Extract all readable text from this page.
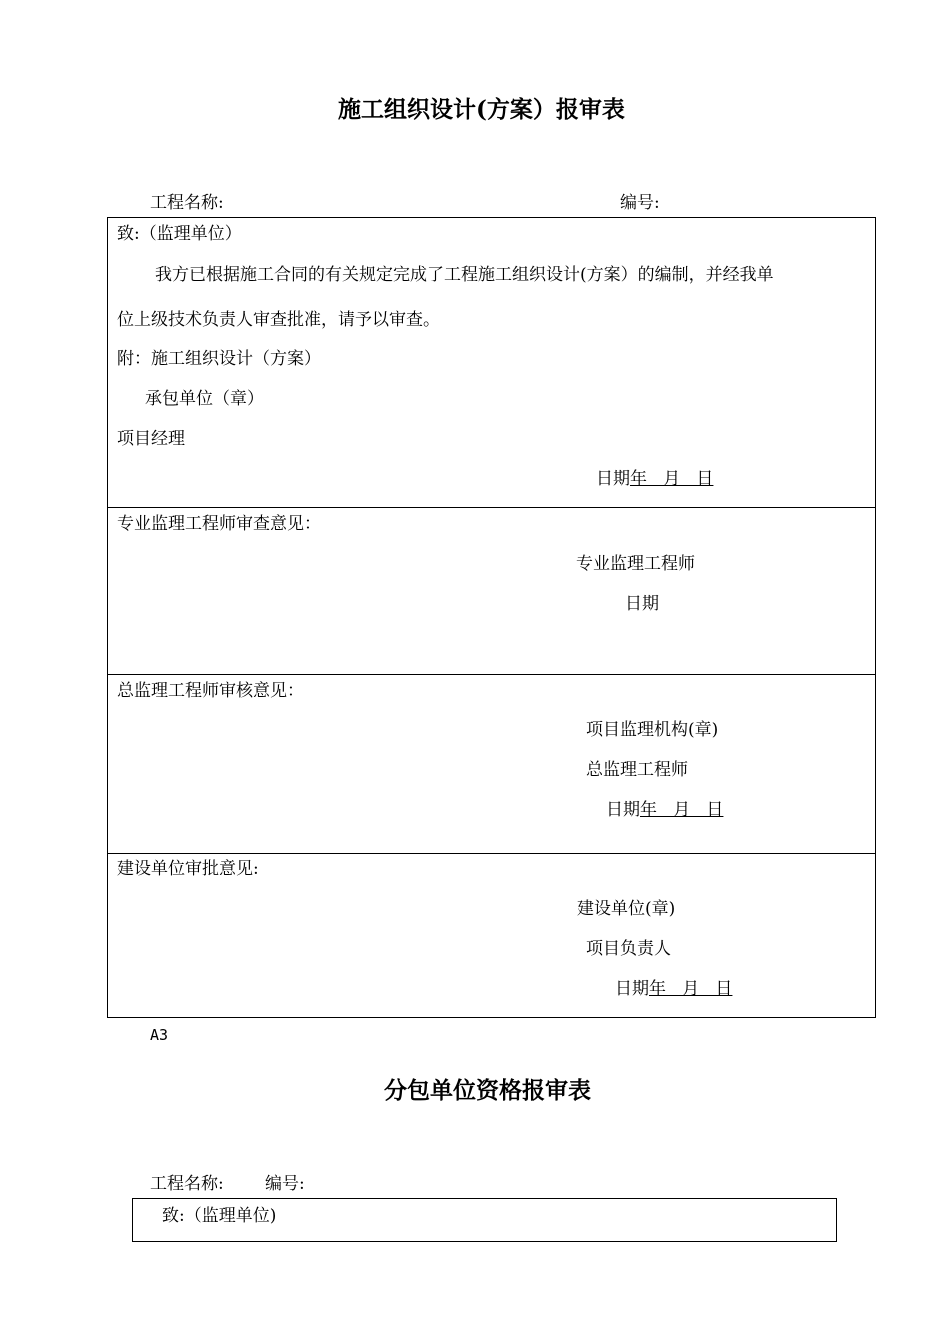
施工组织设计(方案）报审表
工程名称:	编号:
致:（监理单位）
我方已根据施工合同的有关规定完成了工程施工组织设计(方案）的编制，并经我单
位上级技术负责人审查批准，请予以审查。
附：施工组织设计（方案）
承包单位（章）
项目经理
日期年   月   日
专业监理工程师审查意见：
专业监理工程师
日期
总监理工程师审核意见：
项目监理机构(章)
总监理工程师
日期年   月   日
建设单位审批意见:
建设单位(章)
项目负责人
日期年   月   日
A3
分包单位资格报审表
工程名称: 编号:
致:（监理单位)
